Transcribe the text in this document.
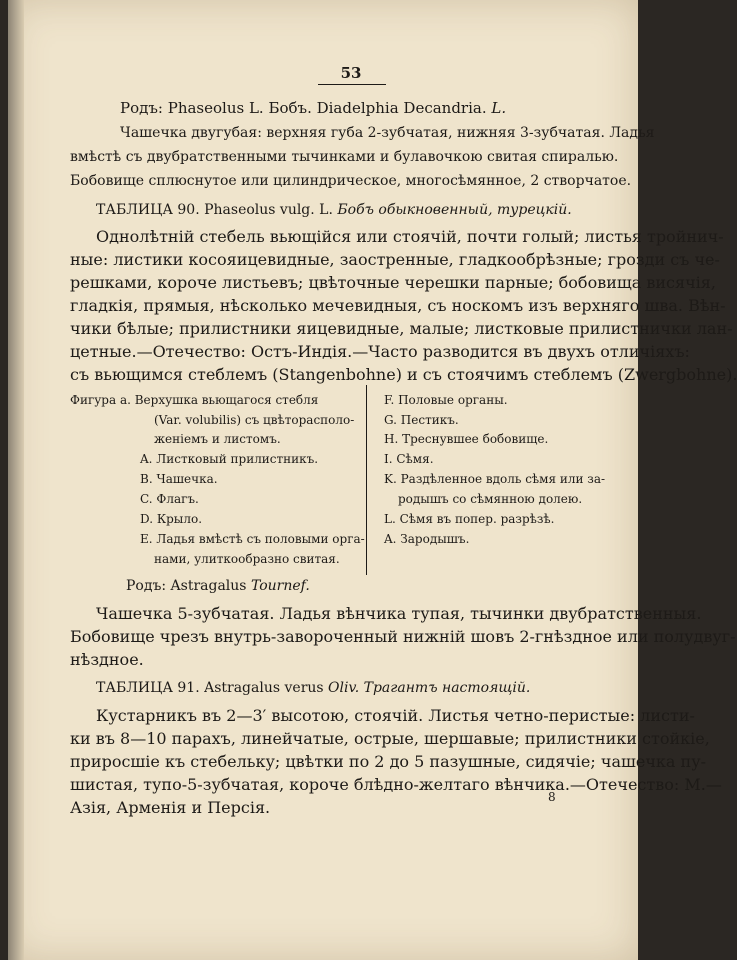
53
Родъ: Phaseolus L. Бобъ. Diadelphia Decandria. L.
Чашечка двугубая: верхняя губа 2-зубчатая, нижняя 3-зубчатая. Ладья
вмѣстѣ съ двубратственными тычинками и булавочкою свитая спиралью.
Бобовище сплюснутое или цилиндрическое, многосѣмянное, 2 створчатое.
ТАБЛИЦА 90. Phaseolus vulg. L. Бобъ обыкновенный, турецкій.
Однолѣтній стебель вьющійся или стоячій, почти голый; листья тройнич-
ные: листики косояицевидные, заостренные, гладкообрѣзные; грозди съ че-
решками, короче листьевъ; цвѣточные черешки парные; бобовища висячія,
гладкія, прямыя, нѣсколько мечевидныя, съ носкомъ изъ верхняго шва. Вѣн-
чики бѣлые; прилистники яицевидные, малые; листковые прилистнички лан-
цетные.—Отечество: Остъ-Индія.—Часто разводится въ двухъ отличіяхъ:
съ вьющимся стеблемъ (Stangenbohne) и съ стоячимъ стеблемъ (Zwergbohne).
Фигура а. Верхушка вьющагося стебля
(Var. volubilis) съ цвѣторасполо-
женіемъ и листомъ.
A. Листковый прилистникъ.
B. Чашечка.
C. Флагъ.
D. Крыло.
E. Ладья вмѣстѣ съ половыми орга-
нами, улиткообразно свитая.
F. Половые органы.
G. Пестикъ.
H. Треснувшее бобовище.
I. Сѣмя.
K. Раздѣленное вдоль сѣмя или за-
родышъ со сѣмянною долею.
L. Сѣмя въ попер. разрѣзѣ.
A. Зародышъ.
Родъ: Astragalus Tournef.
Чашечка 5-зубчатая. Ладья вѣнчика тупая, тычинки двубратственныя.
Бобовище чрезъ внутрь-завороченный нижній шовъ 2-гнѣздное или полудвуг-
нѣздное.
ТАБЛИЦА 91. Astragalus verus Oliv. Трагантъ настоящій.
Кустарникъ въ 2—3′ высотою, стоячій. Листья четно-перистые: листи-
ки въ 8—10 парахъ, линейчатые, острые, шершавые; прилистники стойкіе,
приросшіе къ стебельку; цвѣтки по 2 до 5 пазушные, сидячіе; чашечка пу-
шистая, тупо-5-зубчатая, короче блѣдно-желтаго вѣнчика.—Отечество: М.—
Азія, Арменія и Персія.
8
